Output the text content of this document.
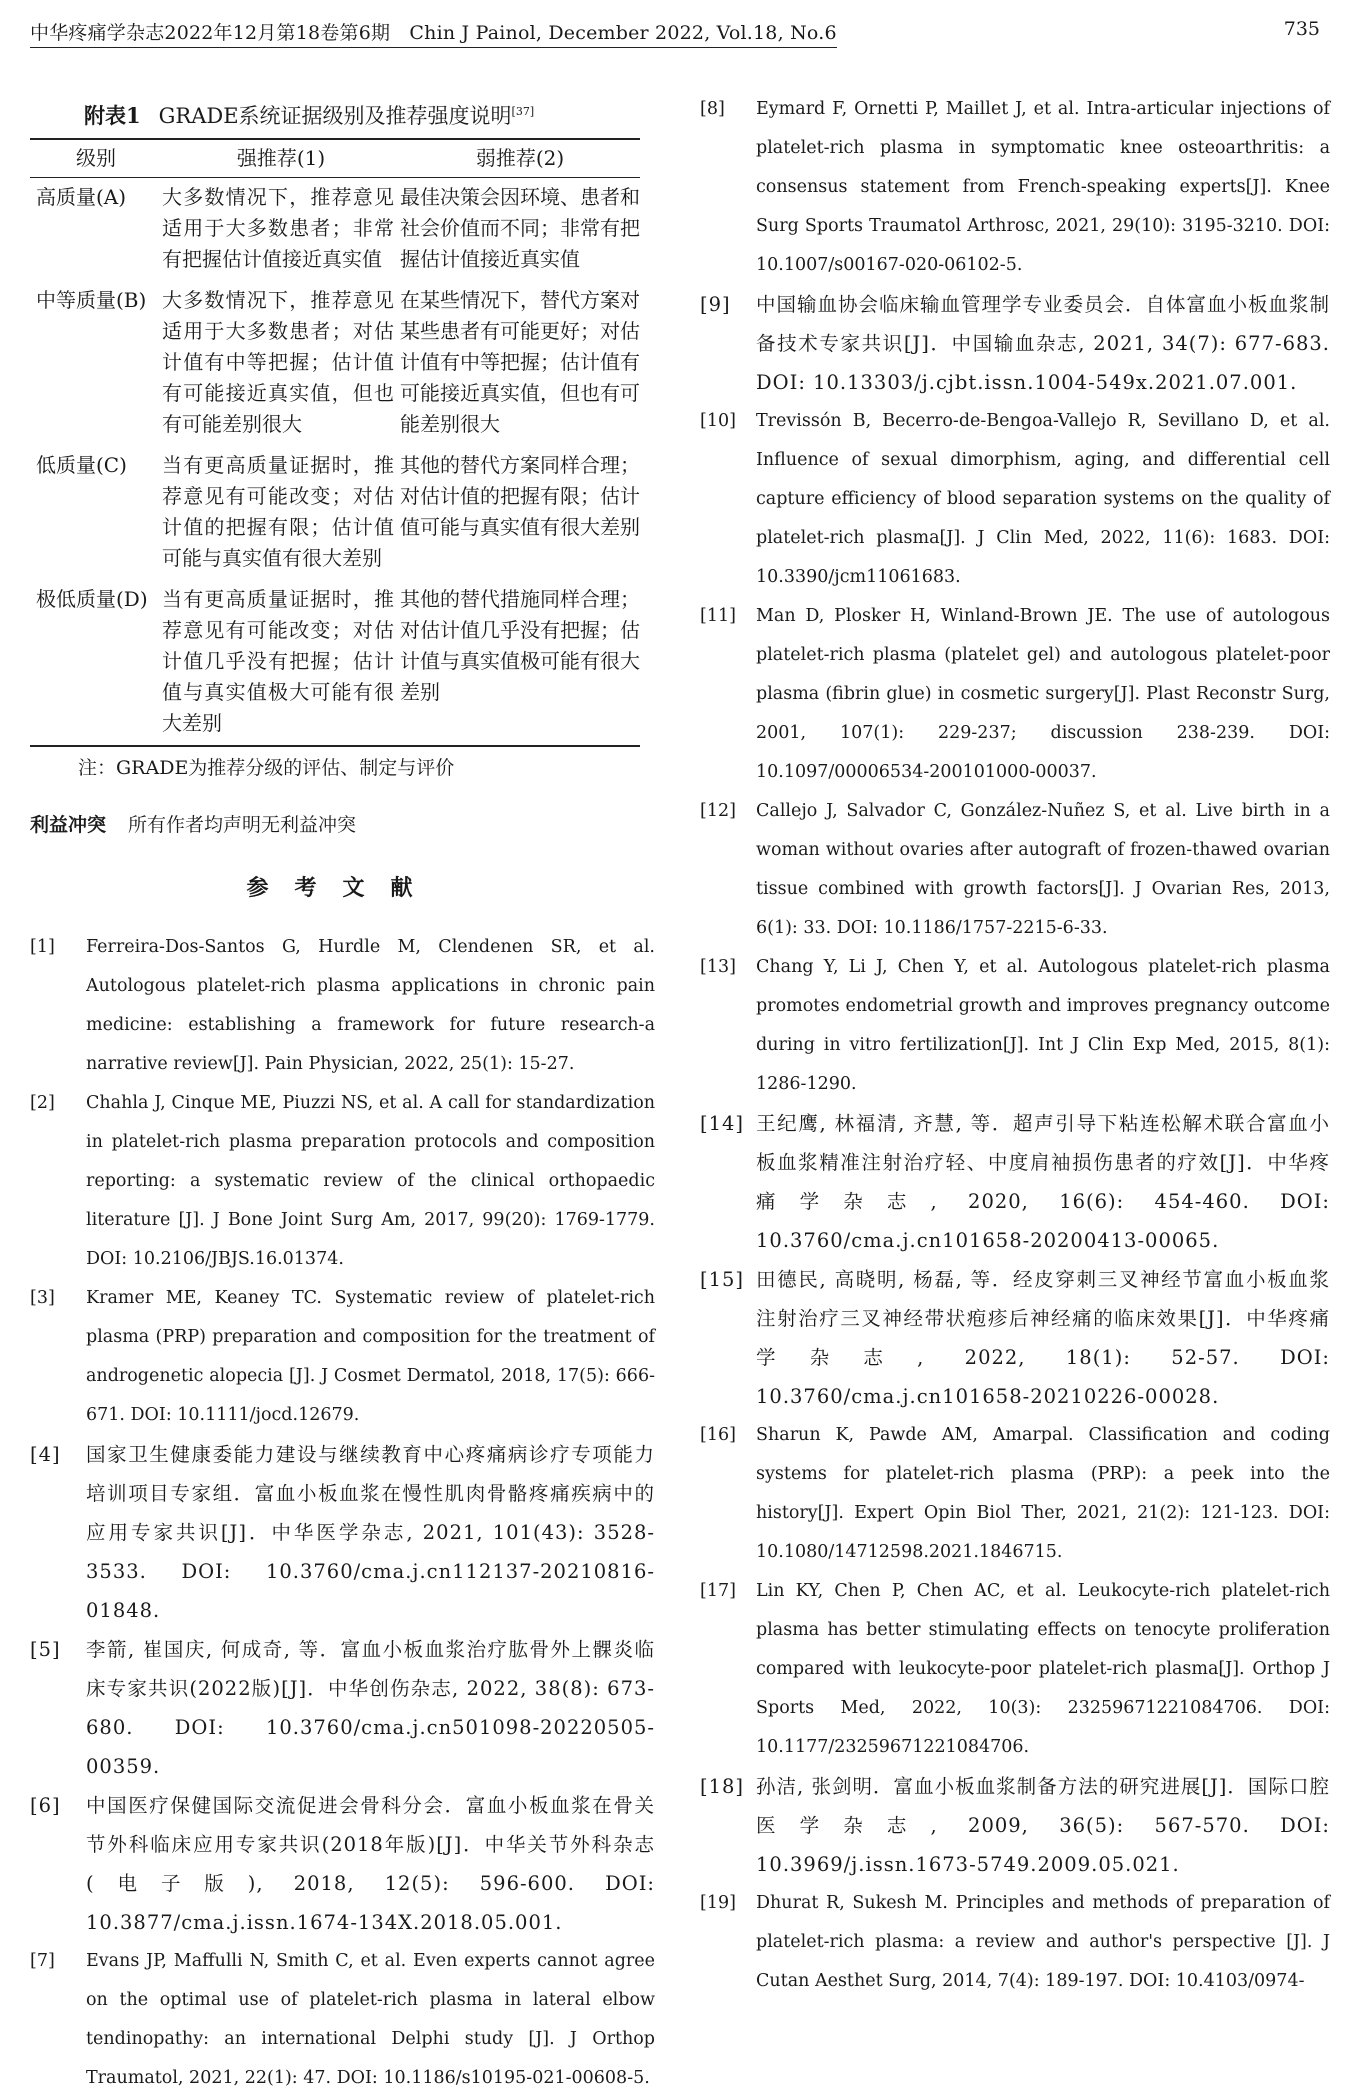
中华疼痛学杂志2022年12月第18卷第6期　Chin J Painol, December 2022, Vol.18, No.6	735
附表1 GRADE系统证据级别及推荐强度说明[37]
级别	强推荐(1)	弱推荐(2)
高质量(A)	大多数情况下，推荐意见适用于大多数患者；非常有把握估计值接近真实值	最佳决策会因环境、患者和社会价值而不同；非常有把握估计值接近真实值
中等质量(B)	大多数情况下，推荐意见适用于大多数患者；对估计值有中等把握；估计值有可能接近真实值，但也有可能差别很大	在某些情况下，替代方案对某些患者有可能更好；对估计值有中等把握；估计值有可能接近真实值，但也有可能差别很大
低质量(C)	当有更高质量证据时，推荐意见有可能改变；对估计值的把握有限；估计值可能与真实值有很大差别	其他的替代方案同样合理；对估计值的把握有限；估计值可能与真实值有很大差别
极低质量(D)	当有更高质量证据时，推荐意见有可能改变；对估计值几乎没有把握；估计值与真实值极大可能有很大差别	其他的替代措施同样合理；对估计值几乎没有把握；估计值与真实值极可能有很大差别
注：GRADE为推荐分级的评估、制定与评价
利益冲突 所有作者均声明无利益冲突
参考文献
[1]	Ferreira-Dos-Santos G, Hurdle M, Clendenen SR, et al. Autologous platelet-rich plasma applications in chronic pain medicine: establishing a framework for future research-a narrative review[J]. Pain Physician, 2022, 25(1): 15-27.
[2]	Chahla J, Cinque ME, Piuzzi NS, et al. A call for standardization in platelet-rich plasma preparation protocols and composition reporting: a systematic review of the clinical orthopaedic literature [J]. J Bone Joint Surg Am, 2017, 99(20): 1769-1779. DOI: 10.2106/JBJS.16.01374.
[3]	Kramer ME, Keaney TC. Systematic review of platelet-rich plasma (PRP) preparation and composition for the treatment of androgenetic alopecia [J]. J Cosmet Dermatol, 2018, 17(5): 666-671. DOI: 10.1111/jocd.12679.
[4]	国家卫生健康委能力建设与继续教育中心疼痛病诊疗专项能力培训项目专家组．富血小板血浆在慢性肌肉骨骼疼痛疾病中的应用专家共识[J]．中华医学杂志, 2021, 101(43): 3528-3533. DOI: 10.3760/cma.j.cn112137-20210816-01848.
[5]	李箭, 崔国庆, 何成奇, 等．富血小板血浆治疗肱骨外上髁炎临床专家共识(2022版)[J]．中华创伤杂志, 2022, 38(8): 673-680. DOI: 10.3760/cma.j.cn501098-20220505-00359.
[6]	中国医疗保健国际交流促进会骨科分会．富血小板血浆在骨关节外科临床应用专家共识(2018年版)[J]．中华关节外科杂志(电子版), 2018, 12(5): 596-600. DOI: 10.3877/cma.j.issn.1674-134X.2018.05.001.
[7]	Evans JP, Maffulli N, Smith C, et al. Even experts cannot agree on the optimal use of platelet-rich plasma in lateral elbow tendinopathy: an international Delphi study [J]. J Orthop Traumatol, 2021, 22(1): 47. DOI: 10.1186/s10195-021-00608-5.
[8]	Eymard F, Ornetti P, Maillet J, et al. Intra-articular injections of platelet-rich plasma in symptomatic knee osteoarthritis: a consensus statement from French-speaking experts[J]. Knee Surg Sports Traumatol Arthrosc, 2021, 29(10): 3195-3210. DOI: 10.1007/s00167-020-06102-5.
[9]	中国输血协会临床输血管理学专业委员会．自体富血小板血浆制备技术专家共识[J]．中国输血杂志, 2021, 34(7): 677-683. DOI: 10.13303/j.cjbt.issn.1004-549x.2021.07.001.
[10]	Trevissón B, Becerro-de-Bengoa-Vallejo R, Sevillano D, et al. Influence of sexual dimorphism, aging, and differential cell capture efficiency of blood separation systems on the quality of platelet-rich plasma[J]. J Clin Med, 2022, 11(6): 1683. DOI: 10.3390/jcm11061683.
[11]	Man D, Plosker H, Winland-Brown JE. The use of autologous platelet-rich plasma (platelet gel) and autologous platelet-poor plasma (fibrin glue) in cosmetic surgery[J]. Plast Reconstr Surg, 2001, 107(1): 229-237; discussion 238-239. DOI: 10.1097/00006534-200101000-00037.
[12]	Callejo J, Salvador C, González-Nuñez S, et al. Live birth in a woman without ovaries after autograft of frozen-thawed ovarian tissue combined with growth factors[J]. J Ovarian Res, 2013, 6(1): 33. DOI: 10.1186/1757-2215-6-33.
[13]	Chang Y, Li J, Chen Y, et al. Autologous platelet-rich plasma promotes endometrial growth and improves pregnancy outcome during in vitro fertilization[J]. Int J Clin Exp Med, 2015, 8(1): 1286-1290.
[14] 王纪鹰, 林福清, 齐慧, 等．超声引导下粘连松解术联合富血小板血浆精准注射治疗轻、中度肩袖损伤患者的疗效[J]．中华疼痛学杂志, 2020, 16(6): 454-460. DOI: 10.3760/cma.j.cn101658-20200413-00065.
[15] 田德民, 高晓明, 杨磊, 等．经皮穿刺三叉神经节富血小板血浆注射治疗三叉神经带状疱疹后神经痛的临床效果[J]．中华疼痛学杂志, 2022, 18(1): 52-57. DOI: 10.3760/cma.j.cn101658-20210226-00028.
[16]	Sharun K, Pawde AM, Amarpal. Classification and coding systems for platelet-rich plasma (PRP): a peek into the history[J]. Expert Opin Biol Ther, 2021, 21(2): 121-123. DOI: 10.1080/14712598.2021.1846715.
[17]	Lin KY, Chen P, Chen AC, et al. Leukocyte-rich platelet-rich plasma has better stimulating effects on tenocyte proliferation compared with leukocyte-poor platelet-rich plasma[J]. Orthop J Sports Med, 2022, 10(3): 23259671221084706. DOI: 10.1177/23259671221084706.
[18] 孙洁, 张剑明．富血小板血浆制备方法的研究进展[J]．国际口腔医学杂志, 2009, 36(5): 567-570. DOI: 10.3969/j.issn.1673-5749.2009.05.021.
[19]	Dhurat R, Sukesh M. Principles and methods of preparation of platelet-rich plasma: a review and author's perspective [J]. J Cutan Aesthet Surg, 2014, 7(4): 189-197. DOI: 10.4103/0974-
